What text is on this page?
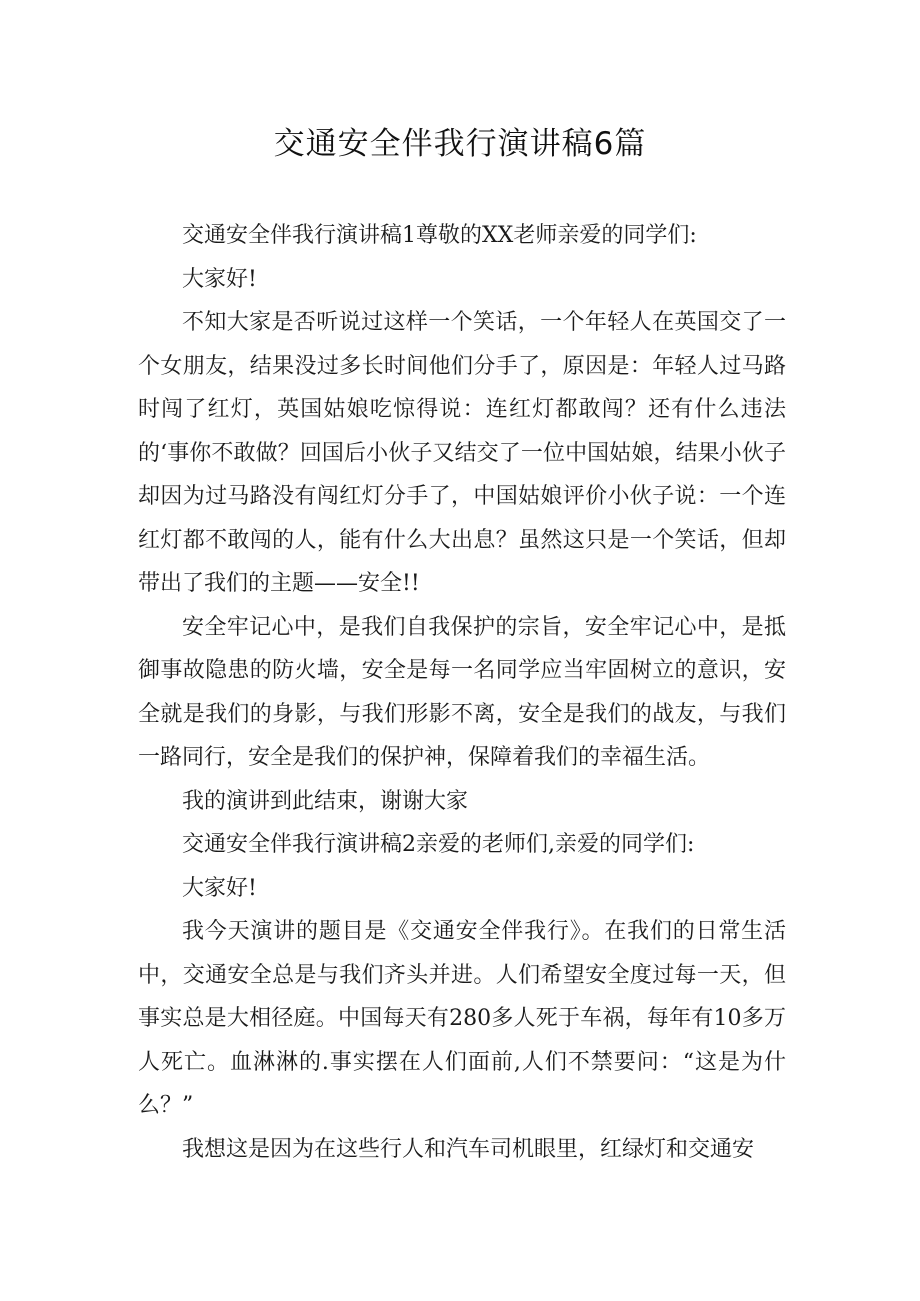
交通安全伴我行演讲稿6篇

交通安全伴我行演讲稿1尊敬的XX老师亲爱的同学们:

大家好!

不知大家是否听说过这样一个笑话，一个年轻人在英国交了一个女朋友，结果没过多长时间他们分手了，原因是：年轻人过马路时闯了红灯，英国姑娘吃惊得说：连红灯都敢闯？还有什么违法的‘事你不敢做？回国后小伙子又结交了一位中国姑娘，结果小伙子却因为过马路没有闯红灯分手了，中国姑娘评价小伙子说：一个连红灯都不敢闯的人，能有什么大出息？虽然这只是一个笑话，但却带出了我们的主题——安全!!

安全牢记心中，是我们自我保护的宗旨，安全牢记心中，是抵御事故隐患的防火墙，安全是每一名同学应当牢固树立的意识，安全就是我们的身影，与我们形影不离，安全是我们的战友，与我们一路同行，安全是我们的保护神，保障着我们的幸福生活。

我的演讲到此结束，谢谢大家

交通安全伴我行演讲稿2亲爱的老师们,亲爱的同学们:

大家好!

我今天演讲的题目是《交通安全伴我行》。在我们的日常生活中，交通安全总是与我们齐头并进。人们希望安全度过每一天，但事实总是大相径庭。中国每天有280多人死于车祸，每年有10多万人死亡。血淋淋的.事实摆在人们面前,人们不禁要问：“这是为什么？”

我想这是因为在这些行人和汽车司机眼里，红绿灯和交通安
